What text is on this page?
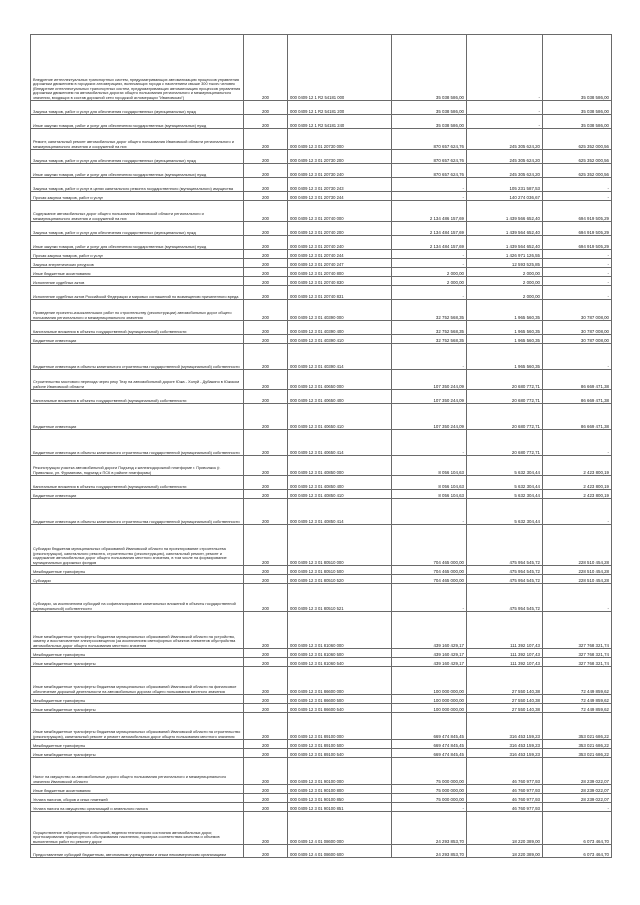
Внедрение интеллектуальных транспортных систем, предусматривающих автоматизацию процессов управления дорожным движением в городских агломерациях, включающих города с населением свыше 300 тысяч человек (Внедрение интеллектуальных транспортных систем, предусматривающих автоматизацию процессов управления дорожным движением на автомобильных дорогах общего пользования регионального и межмуниципального значения, входящих в состав дорожной сети городской агломерации "Ивановская")	200	000 0409 12 1 R2 54181 000	35 038 586,00	-	35 038 586,00
Закупка товаров, работ и услуг для обеспечения государственных (муниципальных) нужд	200	000 0409 12 1 R2 54181 200	35 038 586,00	-	35 038 586,00
Иные закупки товаров, работ и услуг для обеспечения государственных (муниципальных) нужд	200	000 0409 12 1 R2 54181 240	35 038 586,00	-	35 038 586,00
Ремонт, капитальный ремонт автомобильных дорог общего пользования Ивановской области регионального и межмуниципального значения и сооружений на них	200	000 0409 12 3 01 20730 000	870 657 624,76	245 305 624,20	625 352 000,56
Закупка товаров, работ и услуг для обеспечения государственных (муниципальных) нужд	200	000 0409 12 3 01 20730 200	870 657 624,76	245 305 624,20	625 352 000,56
Иные закупки товаров, работ и услуг для обеспечения государственных (муниципальных) нужд	200	000 0409 12 3 01 20730 240	870 657 624,76	245 305 624,20	625 352 000,56
Закупка товаров, работ и услуг в целях капитального ремонта государственного (муниципального) имущества	200	000 0409 12 3 01 20730 243	-	105 231 587,53	-
Прочая закупка товаров, работ и услуг	200	000 0409 12 3 01 20730 244	-	140 274 036,67	-
Содержание автомобильных дорог общего пользования Ивановской области регионального и межмуниципального значения и сооружений на них	200	000 0409 12 3 01 20740 000	2 134 486 157,69	1 439 566 652,40	694 919 505,29
Закупка товаров, работ и услуг для обеспечения государственных (муниципальных) нужд	200	000 0409 12 3 01 20740 200	2 134 484 157,69	1 439 564 652,40	694 919 505,29
Иные закупки товаров, работ и услуг для обеспечения государственных (муниципальных) нужд	200	000 0409 12 3 01 20740 240	2 134 484 157,69	1 439 564 652,40	694 919 505,29
Прочая закупка товаров, работ и услуг	200	000 0409 12 3 01 20740 244	-	1 426 971 126,55	-
Закупка энергетических ресурсов	200	000 0409 12 3 01 20740 247	-	12 593 525,85	-
Иные бюджетные ассигнования	200	000 0409 12 3 01 20740 800	2 000,00	2 000,00	-
Исполнение судебных актов	200	000 0409 12 3 01 20740 830	2 000,00	2 000,00	-
Исполнение судебных актов Российской Федерации и мировых соглашений по возмещению причиненного вреда	200	000 0409 12 3 01 20740 831	-	2 000,00	-
Проведение проектно-изыскательских работ по строительству (реконструкции) автомобильных дорог общего пользования регионального и межмуниципального значения	200	000 0409 12 3 01 40390 000	32 752 568,35	1 965 560,35	30 787 008,00
Капитальные вложения в объекты государственной (муниципальной) собственности	200	000 0409 12 3 01 40390 400	32 752 568,35	1 965 560,35	30 787 008,00
Бюджетные инвестиции	200	000 0409 12 3 01 40390 410	32 752 568,35	1 965 560,35	30 787 008,00
Бюджетные инвестиции в объекты капитального строительства государственной (муниципальной) собственности	200	000 0409 12 3 01 40390 414	-	1 965 560,35	-
Строительство мостового перехода через реку Тезу на автомобильной дороге Южа - Холуй - Дубакино в Южском районе Ивановской области	200	000 0409 12 3 01 40650 000	107 350 244,09	20 680 772,71	86 669 471,38
Капитальные вложения в объекты государственной (муниципальной) собственности	200	000 0409 12 3 01 40650 400	107 350 244,09	20 680 772,71	86 669 471,38
Бюджетные инвестиции	200	000 0409 12 3 01 40650 410	107 350 244,09	20 680 772,71	86 669 471,38
Бюджетные инвестиции в объекты капитального строительства государственной (муниципальной) собственности	200	000 0409 12 3 01 40650 414	-	20 680 772,71	-
Реконструкция участка автомобильной дороги Подъезд к железнодорожной платформе г. Приволжск (г. Приволжск, ул. Фурманова, подъезд к ПСК в районе платформы)	200	000 0409 12 3 01 40850 000	8 056 104,63	5 632 304,44	2 423 800,19
Капитальные вложения в объекты государственной (муниципальной) собственности	200	000 0409 12 3 01 40850 400	8 056 104,63	5 632 304,44	2 423 800,19
Бюджетные инвестиции	200	000 0409 12 3 01 40850 410	8 056 104,63	5 632 304,44	2 423 800,19
Бюджетные инвестиции в объекты капитального строительства государственной (муниципальной) собственности	200	000 0409 12 3 01 40850 414	-	5 632 304,44	-
Субсидии бюджетам муниципальных образований Ивановской области на проектирование строительства (реконструкции), капитального ремонта, строительство (реконструкцию), капитальный ремонт, ремонт и содержание автомобильных дорог общего пользования местного значения, в том числе на формирование муниципальных дорожных фондов	200	000 0409 12 3 01 80510 000	704 465 000,00	475 954 545,72	228 510 454,28
Межбюджетные трансферты	200	000 0409 12 3 01 80510 500	704 465 000,00	475 954 545,72	228 510 454,28
Субсидии	200	000 0409 12 3 01 80510 520	704 465 000,00	475 954 545,72	228 510 454,28
Субсидии, за исключением субсидий на софинансирование капитальных вложений в объекты государственной (муниципальной) собственности	200	000 0409 12 3 01 80510 521	-	475 954 545,72	-
Иные межбюджетные трансферты бюджетам муниципальных образований Ивановской области на устройство, замену и восстановление электроосвещения (за исключением светофорных объектов элементов обустройства автомобильных дорог общего пользования местного значения	200	000 0409 12 3 01 81060 000	439 160 429,17	111 392 107,43	327 768 321,74
Межбюджетные трансферты	200	000 0409 12 3 01 81060 500	439 160 429,17	111 392 107,43	327 768 321,74
Иные межбюджетные трансферты	200	000 0409 12 3 01 81060 540	439 160 429,17	111 392 107,43	327 768 321,74
Иные межбюджетные трансферты бюджетам муниципальных образований Ивановской области на финансовое обеспечение дорожной деятельности на автомобильных дорогах общего пользования местного значения	200	000 0409 12 3 01 86600 000	100 000 000,00	27 550 140,38	72 449 859,62
Межбюджетные трансферты	200	000 0409 12 3 01 86600 500	100 000 000,00	27 550 140,38	72 449 859,62
Иные межбюджетные трансферты	200	000 0409 12 3 01 86600 540	100 000 000,00	27 550 140,38	72 449 859,62
Иные межбюджетные трансферты бюджетам муниципальных образований Ивановской области на строительство (реконструкцию), капитальный ремонт и ремонт автомобильных дорог общего пользования местного значения	200	000 0409 12 3 01 89100 000	669 474 845,45	316 453 159,23	353 021 686,22
Межбюджетные трансферты	200	000 0409 12 3 01 89100 500	669 474 845,45	316 453 159,23	353 021 686,22
Иные межбюджетные трансферты	200	000 0409 12 3 01 89100 540	669 474 845,45	316 453 159,23	353 021 686,22
Налог на имущество за автомобильные дороги общего пользования регионального и межмуниципального значения Ивановской области	200	000 0409 12 3 01 90100 000	75 000 000,00	46 760 977,93	28 239 022,07
Иные бюджетные ассигнования	200	000 0409 12 3 01 90100 800	75 000 000,00	46 760 977,93	28 239 022,07
Уплата налогов, сборов и иных платежей	200	000 0409 12 3 01 90100 850	75 000 000,00	46 760 977,93	28 239 022,07
Уплата налога на имущество организаций и земельного налога	200	000 0409 12 3 01 90100 851	-	46 760 977,93	-
Осуществление лабораторных испытаний, ведения технического состояния автомобильных дорог, прогнозирования транспортного обслуживания населения, проверка соответствия качества и объемов выполненных работ по ремонту дорог	200	000 0409 12 4 01 08600 000	24 293 853,70	18 220 389,00	6 073 464,70
Предоставление субсидий бюджетным, автономным учреждениям и иным некоммерческим организациям	200	000 0409 12 4 01 08600 600	24 293 853,70	18 220 389,00	6 073 464,70
